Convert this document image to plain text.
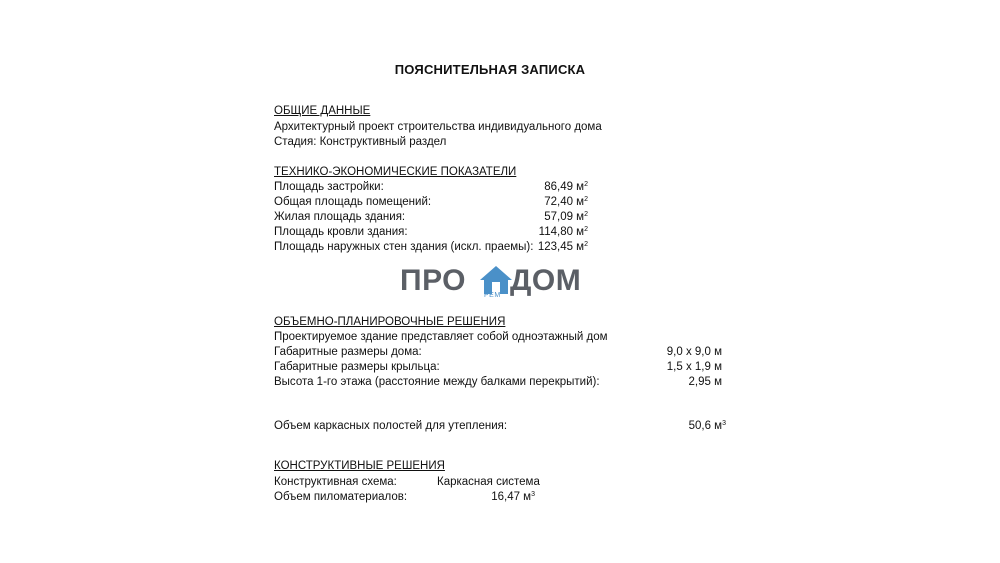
ПОЯСНИТЕЛЬНАЯ ЗАПИСКА
ОБЩИЕ ДАННЫЕ
Архитектурный проект строительства индивидуального дома
Стадия: Конструктивный раздел
ТЕХНИКО-ЭКОНОМИЧЕСКИЕ ПОКАЗАТЕЛИ
Площадь застройки:	86,49 $м^2$
Общая площадь помещений:	72,40 $м^2$
Жилая площадь здания:	57,09 $м^2$
Площадь кровли здания:	114,80 $м^2$
Площадь наружных стен здания (искл. праемы): 123,45 $м^2$
ПРО	РЕМ ДОМ
ОБЪЕМНО-ПЛАНИРОВОЧНЫЕ РЕШЕНИЯ
Проектируемое здание представляет собой одноэтажный дом
Габаритные размеры дома:	9,0 х 9,0 м
Габаритные размеры крыльца:	1,5 х 1,9 м
Высота 1-го этажа (расстояние между балками перекрытий):	2,95 м
Объем каркасных полостей для утепления:	50,6 $м^3$
КОНСТРУКТИВНЫЕ РЕШЕНИЯ
Конструктивная схема:	Каркасная система
Объем пиломатериалов:	16,47 $м^3$
